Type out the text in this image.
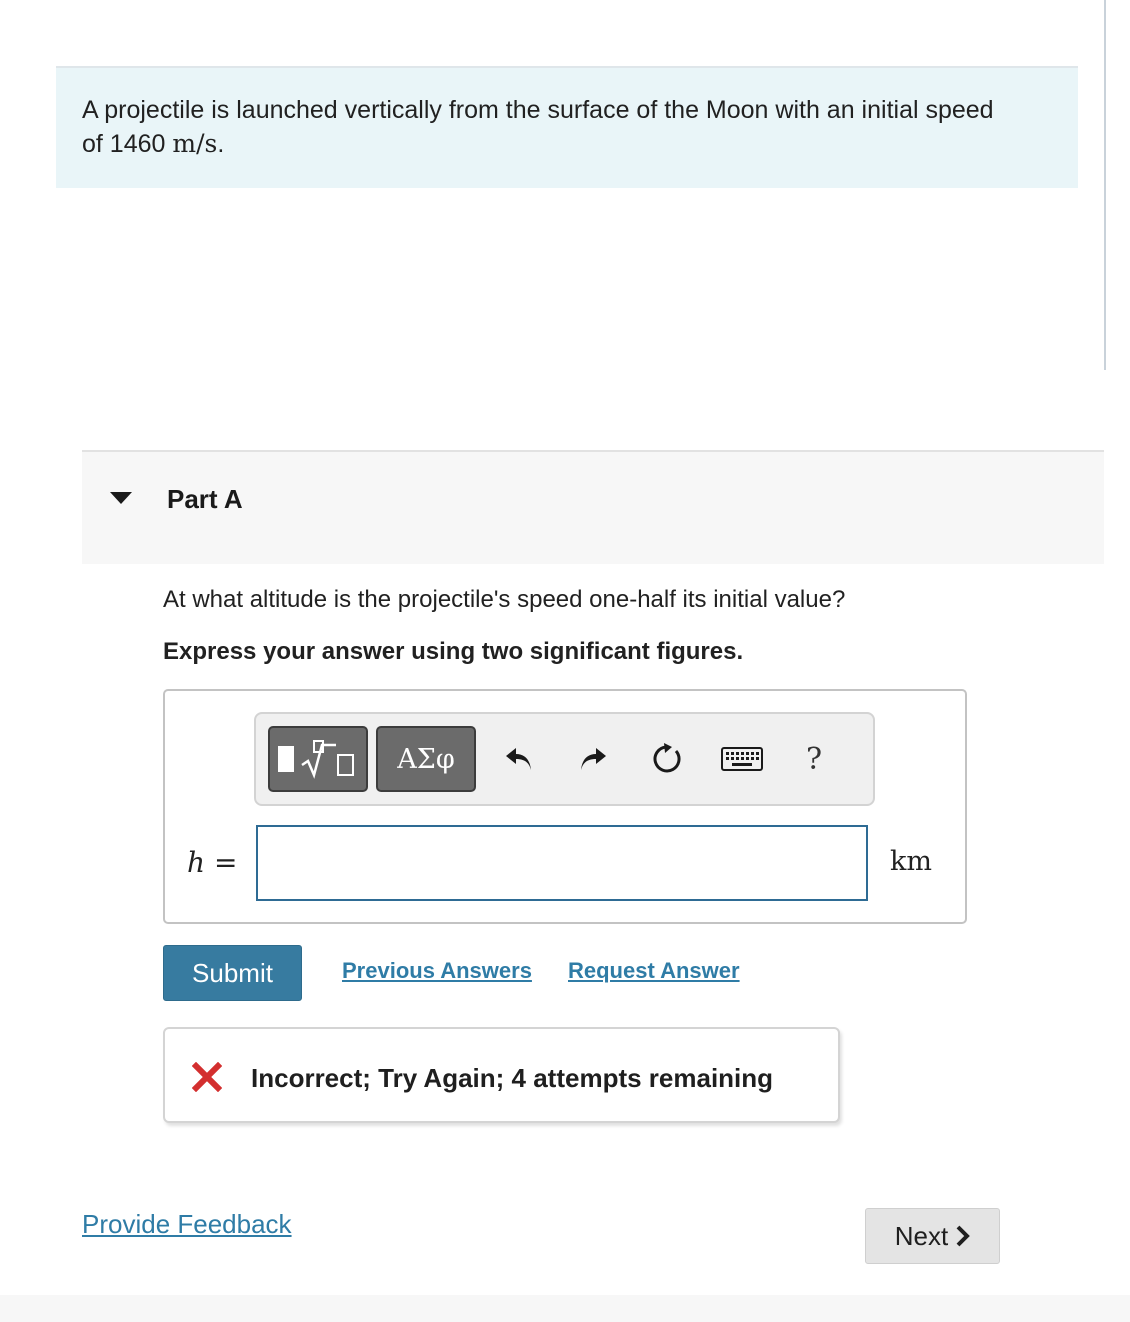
A projectile is launched vertically from the surface of the Moon with an initial speed
of 1460 m/s.
Part A
At what altitude is the projectile's speed one-half its initial value?
Express your answer using two significant figures.
ΑΣφ	?
h =	km
Submit	Previous Answers Request Answer
Incorrect; Try Again; 4 attempts remaining
Provide Feedback	Next
